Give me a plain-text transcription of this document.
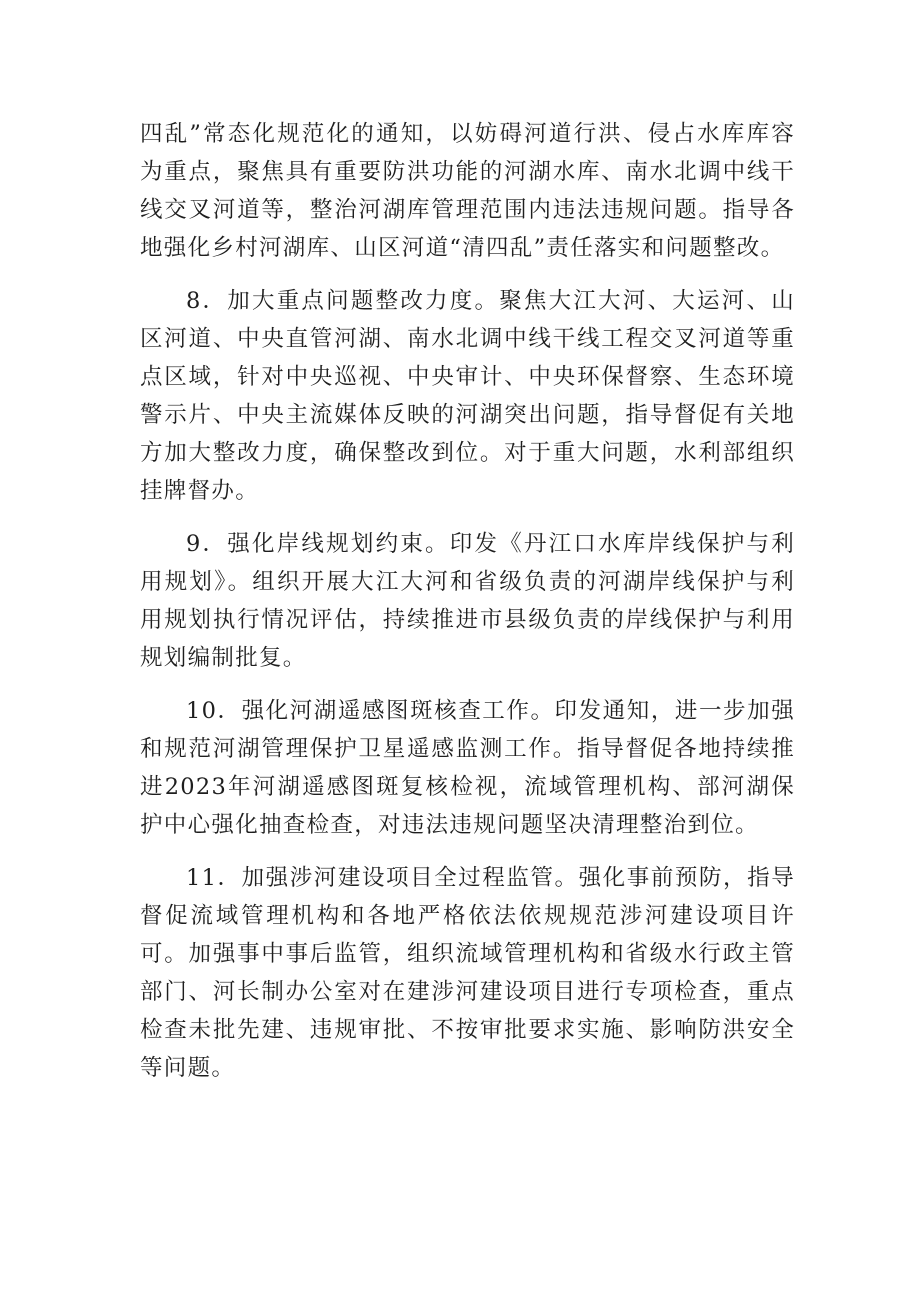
四乱”常态化规范化的通知，以妨碍河道行洪、侵占水库库容为重点，聚焦具有重要防洪功能的河湖水库、南水北调中线干线交叉河道等，整治河湖库管理范围内违法违规问题。指导各地强化乡村河湖库、山区河道“清四乱”责任落实和问题整改。

8．加大重点问题整改力度。聚焦大江大河、大运河、山区河道、中央直管河湖、南水北调中线干线工程交叉河道等重点区域，针对中央巡视、中央审计、中央环保督察、生态环境警示片、中央主流媒体反映的河湖突出问题，指导督促有关地方加大整改力度，确保整改到位。对于重大问题，水利部组织挂牌督办。

9．强化岸线规划约束。印发《丹江口水库岸线保护与利用规划》。组织开展大江大河和省级负责的河湖岸线保护与利用规划执行情况评估，持续推进市县级负责的岸线保护与利用规划编制批复。

10．强化河湖遥感图斑核查工作。印发通知，进一步加强和规范河湖管理保护卫星遥感监测工作。指导督促各地持续推进2023年河湖遥感图斑复核检视，流域管理机构、部河湖保护中心强化抽查检查，对违法违规问题坚决清理整治到位。

11．加强涉河建设项目全过程监管。强化事前预防，指导督促流域管理机构和各地严格依法依规规范涉河建设项目许可。加强事中事后监管，组织流域管理机构和省级水行政主管部门、河长制办公室对在建涉河建设项目进行专项检查，重点检查未批先建、违规审批、不按审批要求实施、影响防洪安全等问题。
